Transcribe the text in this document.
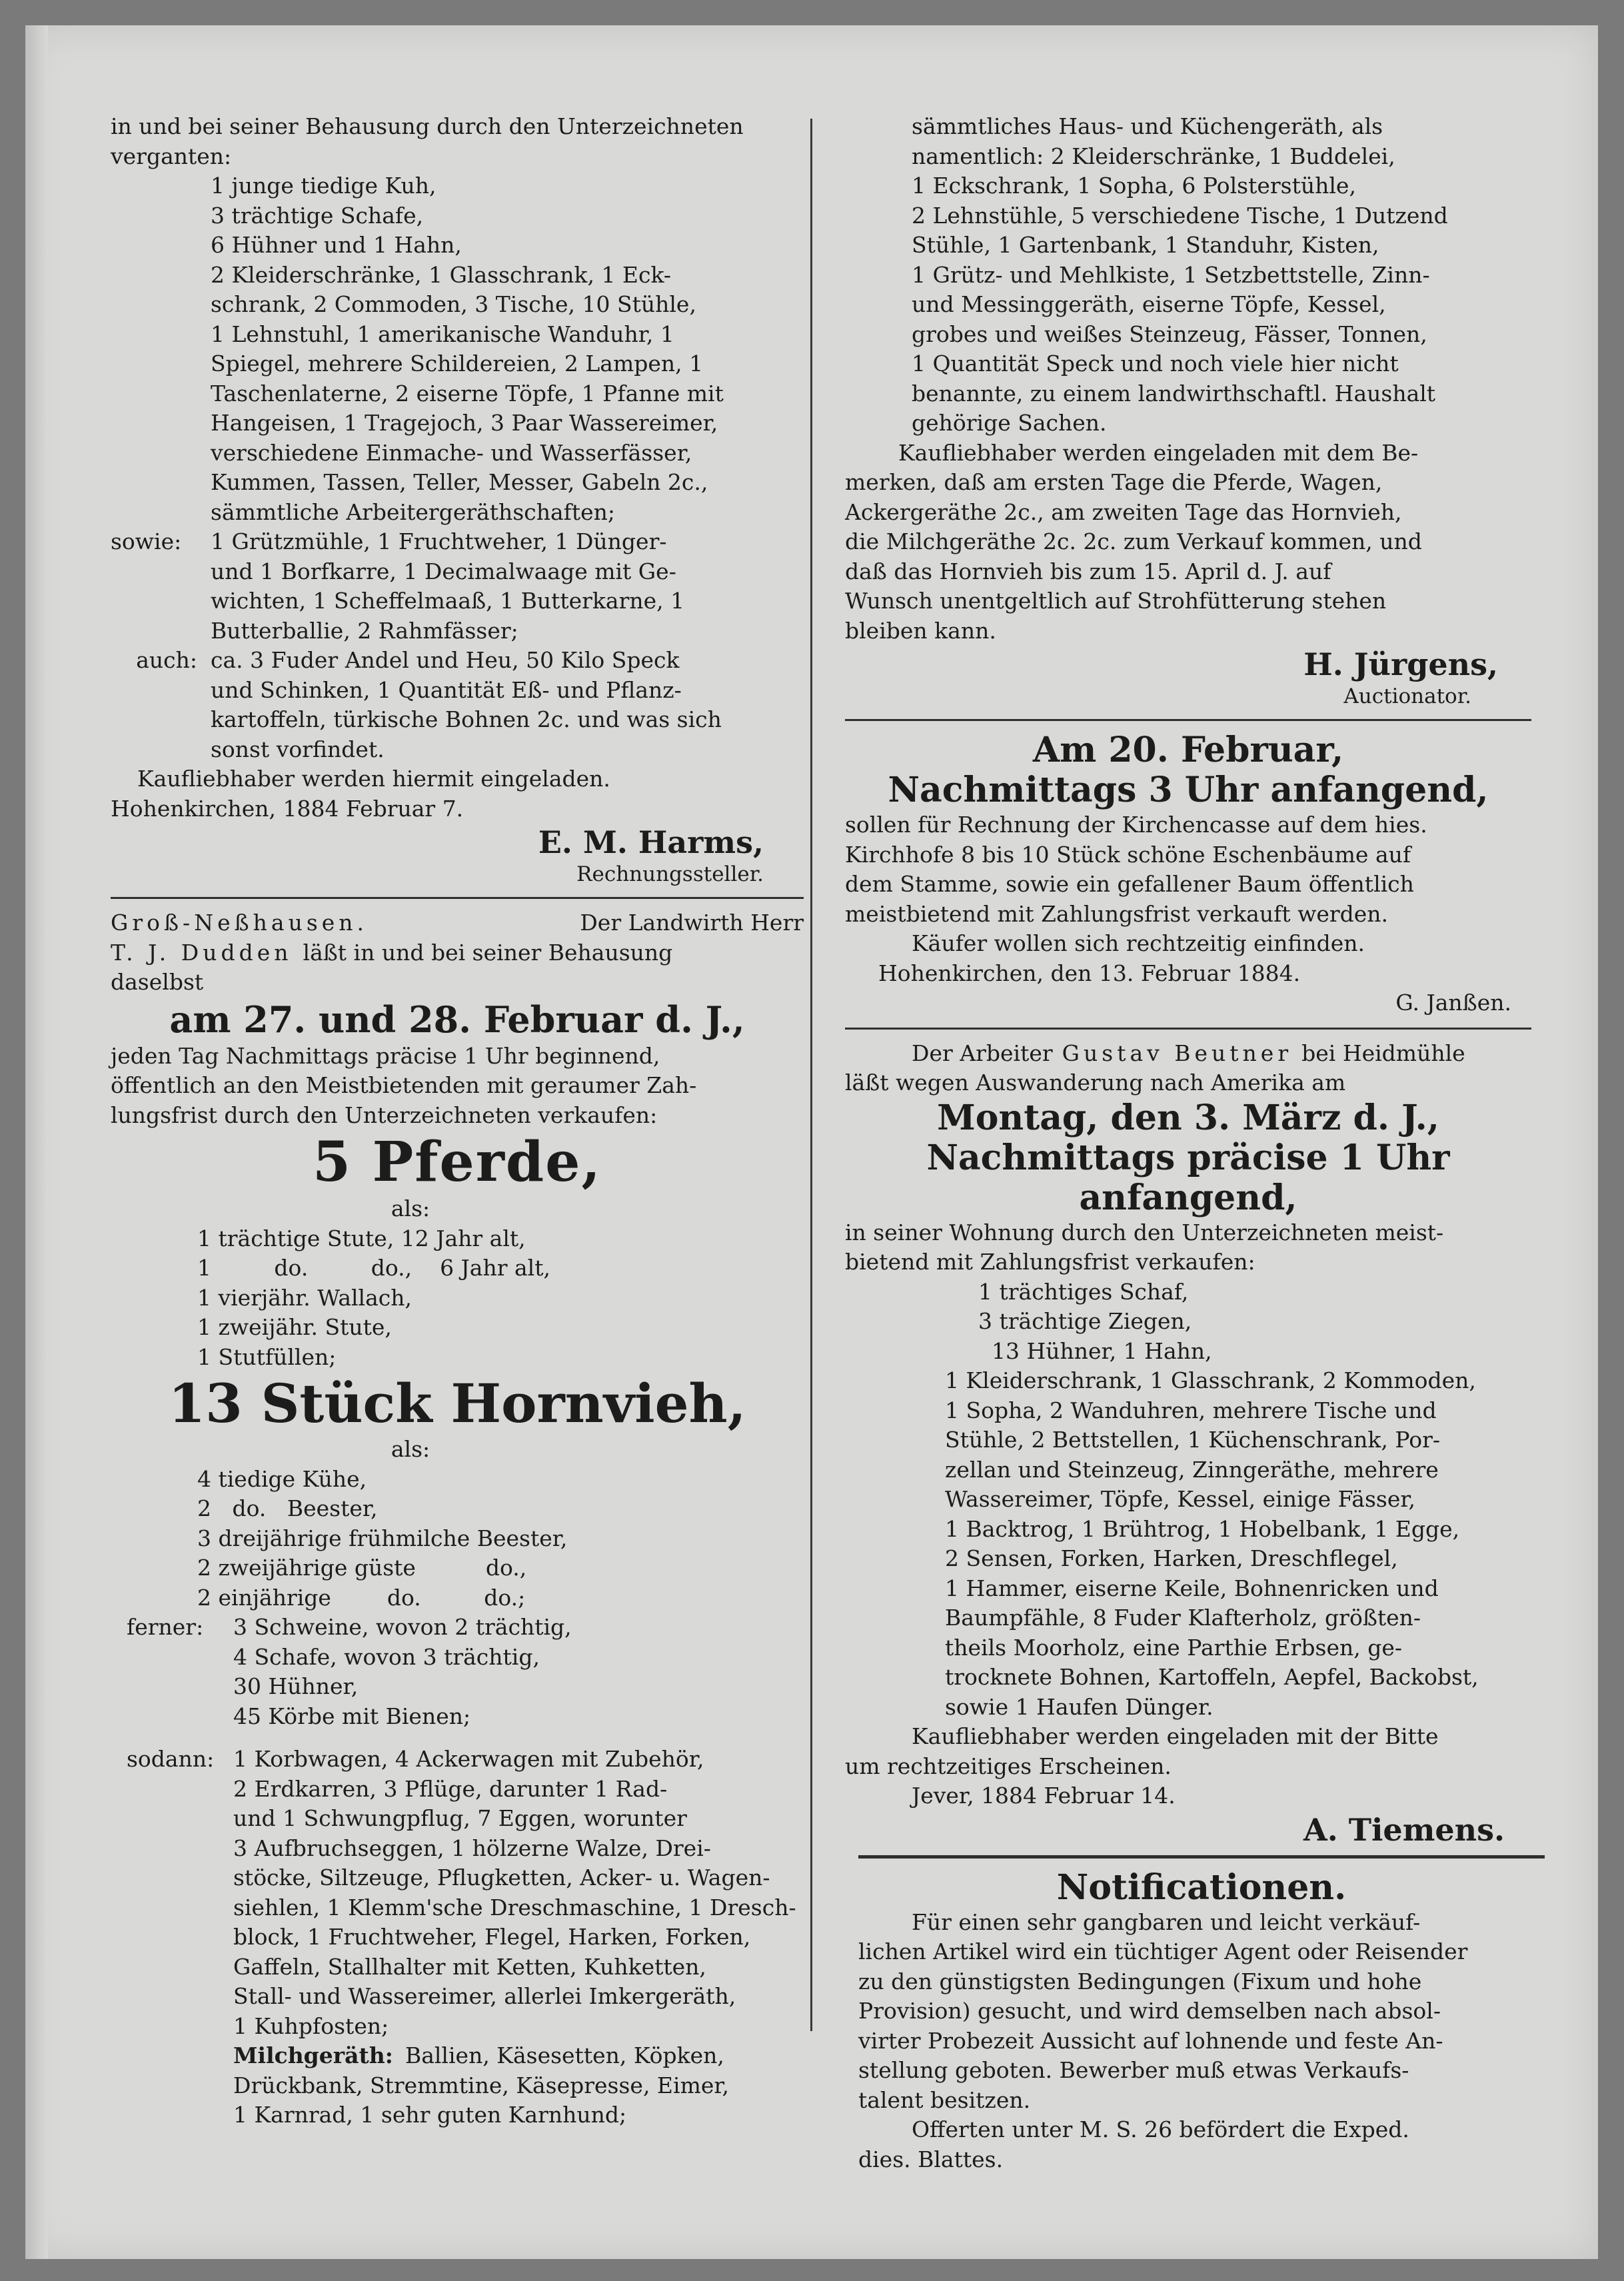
in und bei seiner Behausung durch den Unterzeichneten

verganten:

1 junge tiedige Kuh,

3 trächtige Schafe,

6 Hühner und 1 Hahn,

2 Kleiderschränke, 1 Glasschrank, 1 Eck-

schrank, 2 Commoden, 3 Tische, 10 Stühle,

1 Lehnstuhl, 1 amerikanische Wanduhr, 1

Spiegel, mehrere Schildereien, 2 Lampen, 1

Taschenlaterne, 2 eiserne Töpfe, 1 Pfanne mit

Hangeisen, 1 Tragejoch, 3 Paar Wassereimer,

verschiedene Einmache- und Wasserfässer,

Kummen, Tassen, Teller, Messer, Gabeln 2c.,

sämmtliche Arbeitergeräthschaften;

sowie:	1 Grützmühle, 1 Fruchtweher, 1 Dünger-

und 1 Borfkarre, 1 Decimalwaage mit Ge-

wichten, 1 Scheffelmaaß, 1 Butterkarne, 1

Butterballie, 2 Rahmfässer;

auch: ca. 3 Fuder Andel und Heu, 50 Kilo Speck

und Schinken, 1 Quantität Eß- und Pflanz-

kartoffeln, türkische Bohnen 2c. und was sich

sonst vorfindet.

Kaufliebhaber werden hiermit eingeladen.

Hohenkirchen, 1884 Februar 7.

E. M. Harms,
Rechnungssteller.
Groß-Neßhausen.	Der Landwirth Herr
T. J. Dudden läßt in und bei seiner Behausung

daselbst

am 27. und 28. Februar d. J.,

jeden Tag Nachmittags präcise 1 Uhr beginnend,

öffentlich an den Meistbietenden mit geraumer Zah-

lungsfrist durch den Unterzeichneten verkaufen:

5 Pferde,
als:

1 trächtige Stute, 12 Jahr alt,

1         do.         do.,    6 Jahr alt,

1 vierjähr. Wallach,

1 zweijähr. Stute,

1 Stutfüllen;

13 Stück Hornvieh,
als:

4 tiedige Kühe,

2   do.   Beester,

3 dreijährige frühmilche Beester,

2 zweijährige güste          do.,

2 einjährige        do.         do.;

ferner:	3 Schweine, wovon 2 trächtig,

4 Schafe, wovon 3 trächtig,

30 Hühner,

45 Körbe mit Bienen;

sodann: 1 Korbwagen, 4 Ackerwagen mit Zubehör,

2 Erdkarren, 3 Pflüge, darunter 1 Rad-

und 1 Schwungpflug, 7 Eggen, worunter

3 Aufbruchseggen, 1 hölzerne Walze, Drei-

stöcke, Siltzeuge, Pflugketten, Acker- u. Wagen-

siehlen, 1 Klemm'sche Dreschmaschine, 1 Dresch-

block, 1 Fruchtweher, Flegel, Harken, Forken,

Gaffeln, Stallhalter mit Ketten, Kuhketten,

Stall- und Wassereimer, allerlei Imkergeräth,

1 Kuhpfosten;

Milchgeräth: Ballien, Käsesetten, Köpken,

Drückbank, Stremmtine, Käsepresse, Eimer,

1 Karnrad, 1 sehr guten Karnhund;

sämmtliches Haus- und Küchengeräth, als

namentlich: 2 Kleiderschränke, 1 Buddelei,

1 Eckschrank, 1 Sopha, 6 Polsterstühle,

2 Lehnstühle, 5 verschiedene Tische, 1 Dutzend

Stühle, 1 Gartenbank, 1 Standuhr, Kisten,

1 Grütz- und Mehlkiste, 1 Setzbettstelle, Zinn-

und Messinggeräth, eiserne Töpfe, Kessel,

grobes und weißes Steinzeug, Fässer, Tonnen,

1 Quantität Speck und noch viele hier nicht

benannte, zu einem landwirthschaftl. Haushalt

gehörige Sachen.

Kaufliebhaber werden eingeladen mit dem Be-

merken, daß am ersten Tage die Pferde, Wagen,

Ackergeräthe 2c., am zweiten Tage das Hornvieh,

die Milchgeräthe 2c. 2c. zum Verkauf kommen, und

daß das Hornvieh bis zum 15. April d. J. auf

Wunsch unentgeltlich auf Strohfütterung stehen

bleiben kann.

H. Jürgens,
Auctionator.
Am 20. Februar,
Nachmittags 3 Uhr anfangend,

sollen für Rechnung der Kirchencasse auf dem hies.

Kirchhofe 8 bis 10 Stück schöne Eschenbäume auf

dem Stamme, sowie ein gefallener Baum öffentlich

meistbietend mit Zahlungsfrist verkauft werden.

Käufer wollen sich rechtzeitig einfinden.

Hohenkirchen, den 13. Februar 1884.

G. Janßen.

Der Arbeiter Gustav Beutner bei Heidmühle

läßt wegen Auswanderung nach Amerika am

Montag, den 3. März d. J.,
Nachmittags präcise 1 Uhr anfangend,

in seiner Wohnung durch den Unterzeichneten meist-

bietend mit Zahlungsfrist verkaufen:

1 trächtiges Schaf,

3 trächtige Ziegen,

13 Hühner, 1 Hahn,

1 Kleiderschrank, 1 Glasschrank, 2 Kommoden,

1 Sopha, 2 Wanduhren, mehrere Tische und

Stühle, 2 Bettstellen, 1 Küchenschrank, Por-

zellan und Steinzeug, Zinngeräthe, mehrere

Wassereimer, Töpfe, Kessel, einige Fässer,

1 Backtrog, 1 Brühtrog, 1 Hobelbank, 1 Egge,

2 Sensen, Forken, Harken, Dreschflegel,

1 Hammer, eiserne Keile, Bohnenricken und

Baumpfähle, 8 Fuder Klafterholz, größten-

theils Moorholz, eine Parthie Erbsen, ge-

trocknete Bohnen, Kartoffeln, Aepfel, Backobst,

sowie 1 Haufen Dünger.

Kaufliebhaber werden eingeladen mit der Bitte

um rechtzeitiges Erscheinen.

Jever, 1884 Februar 14.

A. Tiemens.
Notificationen.

Für einen sehr gangbaren und leicht verkäuf-

lichen Artikel wird ein tüchtiger Agent oder Reisender

zu den günstigsten Bedingungen (Fixum und hohe

Provision) gesucht, und wird demselben nach absol-

virter Probezeit Aussicht auf lohnende und feste An-

stellung geboten. Bewerber muß etwas Verkaufs-

talent besitzen.

Offerten unter M. S. 26 befördert die Exped.

dies. Blattes.
